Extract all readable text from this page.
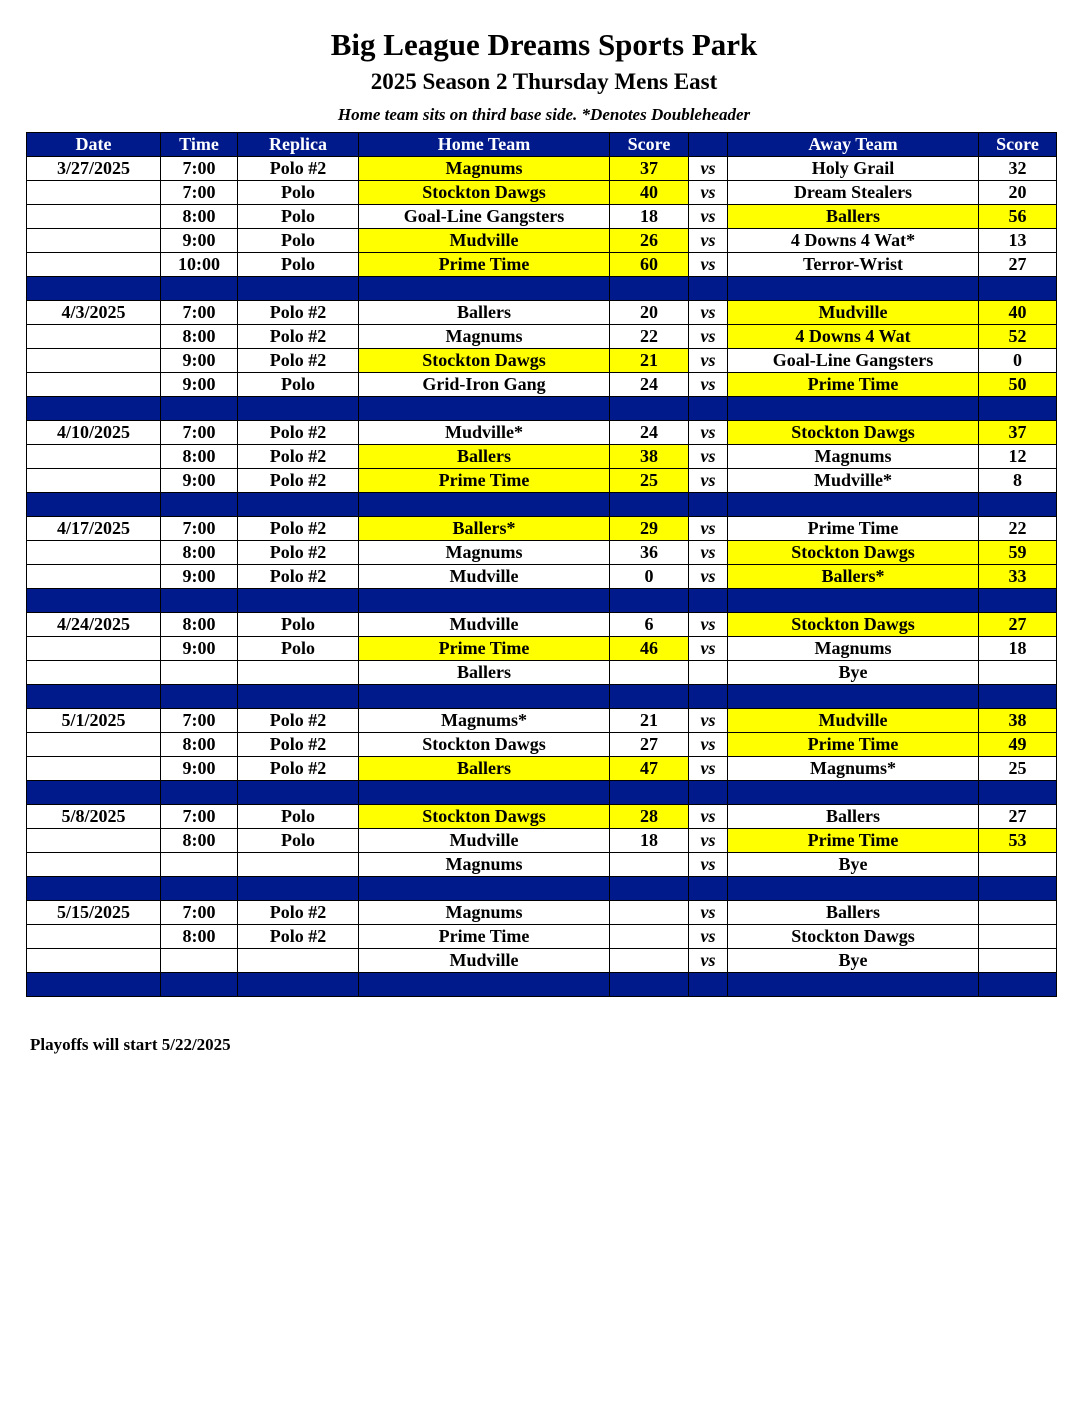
Big League Dreams Sports Park
2025 Season 2 Thursday Mens East
Home team sits on third base side. *Denotes Doubleheader
Date	Time	Replica	Home Team	Score		Away Team	Score
3/27/2025	7:00	Polo #2	Magnums	37	vs	Holy Grail	32
	7:00	Polo	Stockton Dawgs	40	vs	Dream Stealers	20
	8:00	Polo	Goal-Line Gangsters	18	vs	Ballers	56
	9:00	Polo	Mudville	26	vs	4 Downs 4 Wat*	13
	10:00	Polo	Prime Time	60	vs	Terror-Wrist	27

4/3/2025	7:00	Polo #2	Ballers	20	vs	Mudville	40
	8:00	Polo #2	Magnums	22	vs	4 Downs 4 Wat	52
	9:00	Polo #2	Stockton Dawgs	21	vs	Goal-Line Gangsters	0
	9:00	Polo	Grid-Iron Gang	24	vs	Prime Time	50

4/10/2025	7:00	Polo #2	Mudville*	24	vs	Stockton Dawgs	37
	8:00	Polo #2	Ballers	38	vs	Magnums	12
	9:00	Polo #2	Prime Time	25	vs	Mudville*	8

4/17/2025	7:00	Polo #2	Ballers*	29	vs	Prime Time	22
	8:00	Polo #2	Magnums	36	vs	Stockton Dawgs	59
	9:00	Polo #2	Mudville	0	vs	Ballers*	33

4/24/2025	8:00	Polo	Mudville	6	vs	Stockton Dawgs	27
	9:00	Polo	Prime Time	46	vs	Magnums	18
			Ballers			Bye	

5/1/2025	7:00	Polo #2	Magnums*	21	vs	Mudville	38
	8:00	Polo #2	Stockton Dawgs	27	vs	Prime Time	49
	9:00	Polo #2	Ballers	47	vs	Magnums*	25

5/8/2025	7:00	Polo	Stockton Dawgs	28	vs	Ballers	27
	8:00	Polo	Mudville	18	vs	Prime Time	53
			Magnums		vs	Bye	

5/15/2025	7:00	Polo #2	Magnums		vs	Ballers	
	8:00	Polo #2	Prime Time		vs	Stockton Dawgs	
			Mudville		vs	Bye	

Playoffs will start 5/22/2025
